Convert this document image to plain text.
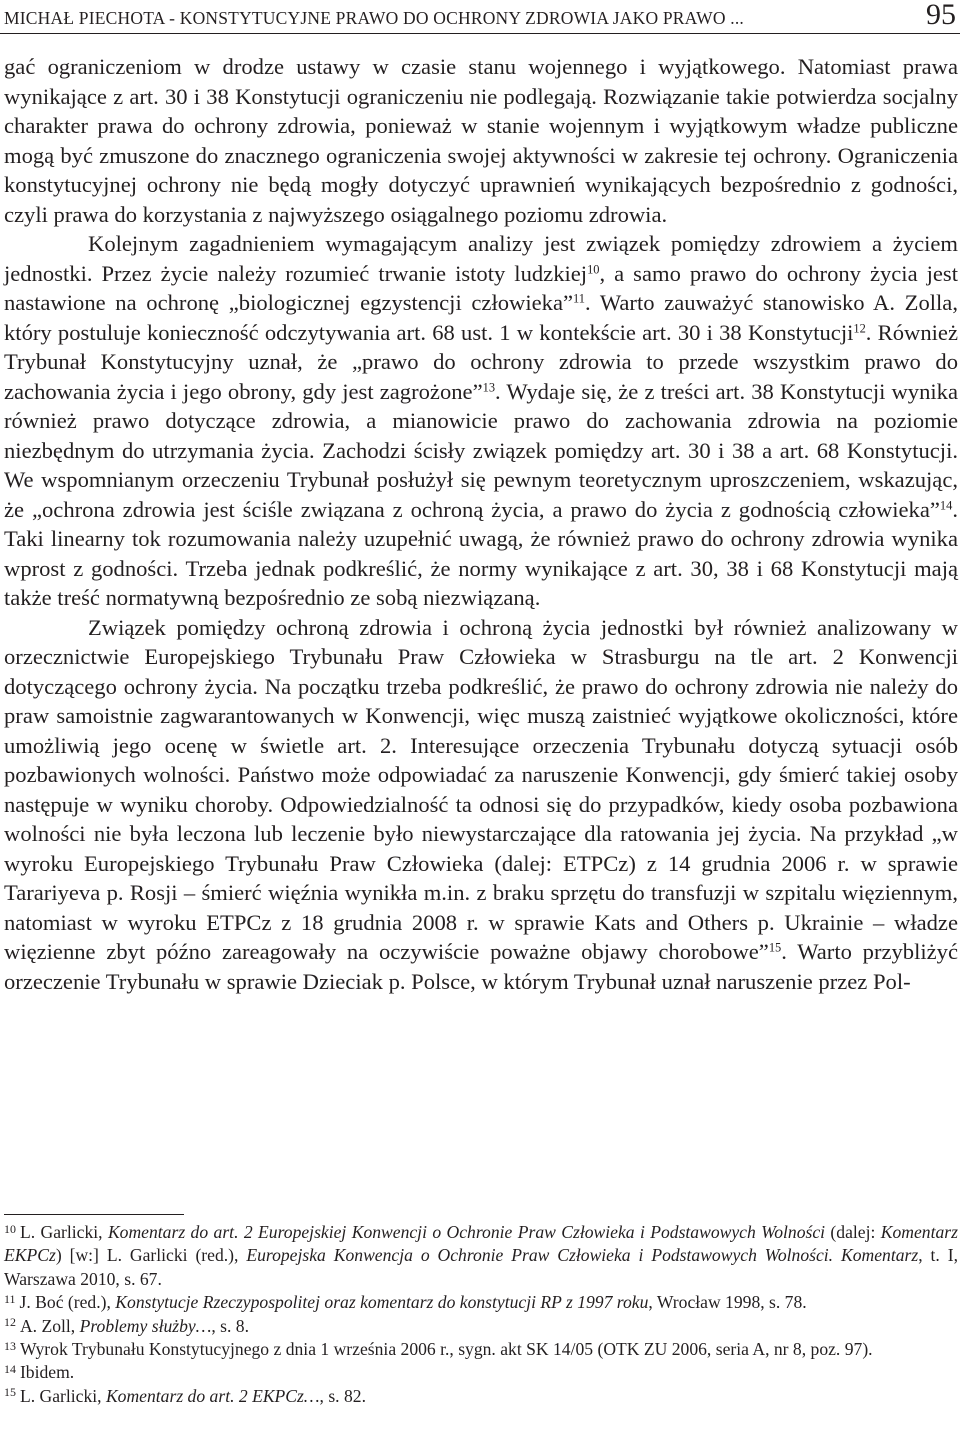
MICHAŁ PIECHOTA - KONSTYTUCYJNE PRAWO DO OCHRONY ZDROWIA JAKO PRAWO ...	95

gać ograniczeniom w drodze ustawy w czasie stanu wojennego i wyjątkowego. Natomiast prawa wynikające z art. 30 i 38 Konstytucji ograniczeniu nie podlegają. Rozwiązanie takie potwierdza socjalny charakter prawa do ochrony zdrowia, ponieważ w stanie wojennym i wyjątkowym władze publiczne mogą być zmuszone do znacznego ograniczenia swojej aktywności w zakresie tej ochrony. Ograniczenia konstytucyjnej ochrony nie będą mogły dotyczyć uprawnień wynikających bezpośrednio z godności, czyli prawa do korzystania z najwyższego osiągalnego poziomu zdrowia.

Kolejnym zagadnieniem wymagającym analizy jest związek pomiędzy zdrowiem a życiem jednostki. Przez życie należy rozumieć trwanie istoty ludzkiej$^{10}$, a samo prawo do ochrony życia jest nastawione na ochronę „biologicznej egzystencji człowieka”$^{11}$. Warto zauważyć stanowisko A. Zolla, który postuluje konieczność odczytywania art. 68 ust. 1 w kontekście art. 30 i 38 Konstytucji$^{12}$. Również Trybunał Konstytucyjny uznał, że „prawo do ochrony zdrowia to przede wszystkim prawo do zachowania życia i jego obrony, gdy jest zagrożone”$^{13}$. Wydaje się, że z treści art. 38 Konstytucji wynika również prawo dotyczące zdrowia, a mianowicie prawo do zachowania zdrowia na poziomie niezbędnym do utrzymania życia. Zachodzi ścisły związek pomiędzy art. 30 i 38 a art. 68 Konstytucji. We wspomnianym orzeczeniu Trybunał posłużył się pewnym teoretycznym uproszczeniem, wskazując, że „ochrona zdrowia jest ściśle związana z ochroną życia, a prawo do życia z godnością człowieka”$^{14}$. Taki linearny tok rozumowania należy uzupełnić uwagą, że również prawo do ochrony zdrowia wynika wprost z godności. Trzeba jednak podkreślić, że normy wynikające z art. 30, 38 i 68 Konstytucji mają także treść normatywną bezpośrednio ze sobą niezwiązaną.

Związek pomiędzy ochroną zdrowia i ochroną życia jednostki był również analizowany w orzecznictwie Europejskiego Trybunału Praw Człowieka w Strasburgu na tle art. 2 Konwencji dotyczącego ochrony życia. Na początku trzeba podkreślić, że prawo do ochrony zdrowia nie należy do praw samoistnie zagwarantowanych w Konwencji, więc muszą zaistnieć wyjątkowe okoliczności, które umożliwią jego ocenę w świetle art. 2. Interesujące orzeczenia Trybunału dotyczą sytuacji osób pozbawionych wolności. Państwo może odpowiadać za naruszenie Konwencji, gdy śmierć takiej osoby następuje w wyniku choroby. Odpowiedzialność ta odnosi się do przypadków, kiedy osoba pozbawiona wolności nie była leczona lub leczenie było niewystarczające dla ratowania jej życia. Na przykład „w wyroku Europejskiego Trybunału Praw Człowieka (dalej: ETPCz) z 14 grudnia 2006 r. w sprawie Tarariyeva p. Rosji – śmierć więźnia wynikła m.in. z braku sprzętu do transfuzji w szpitalu więziennym, natomiast w wyroku ETPCz z 18 grudnia 2008 r. w sprawie Kats and Others p. Ukrainie – władze więzienne zbyt późno zareagowały na oczywiście poważne objawy chorobowe”$^{15}$. Warto przybliżyć orzeczenie Trybunału w sprawie Dzieciak p. Polsce, w którym Trybunał uznał naruszenie przez Pol-

$^{10}$ L. Garlicki, Komentarz do art. 2 Europejskiej Konwencji o Ochronie Praw Człowieka i Podstawowych Wolności (dalej: Komentarz EKPCz) [w:] L. Garlicki (red.), Europejska Konwencja o Ochronie Praw Człowieka i Podstawowych Wolności. Komentarz, t. I, Warszawa 2010, s. 67.

$^{11}$ J. Boć (red.), Konstytucje Rzeczypospolitej oraz komentarz do konstytucji RP z 1997 roku, Wrocław 1998, s. 78.

$^{12}$ A. Zoll, Problemy służby…, s. 8.

$^{13}$ Wyrok Trybunału Konstytucyjnego z dnia 1 września 2006 r., sygn. akt SK 14/05 (OTK ZU 2006, seria A, nr 8, poz. 97).

$^{14}$ Ibidem.

$^{15}$ L. Garlicki, Komentarz do art. 2 EKPCz…, s. 82.
